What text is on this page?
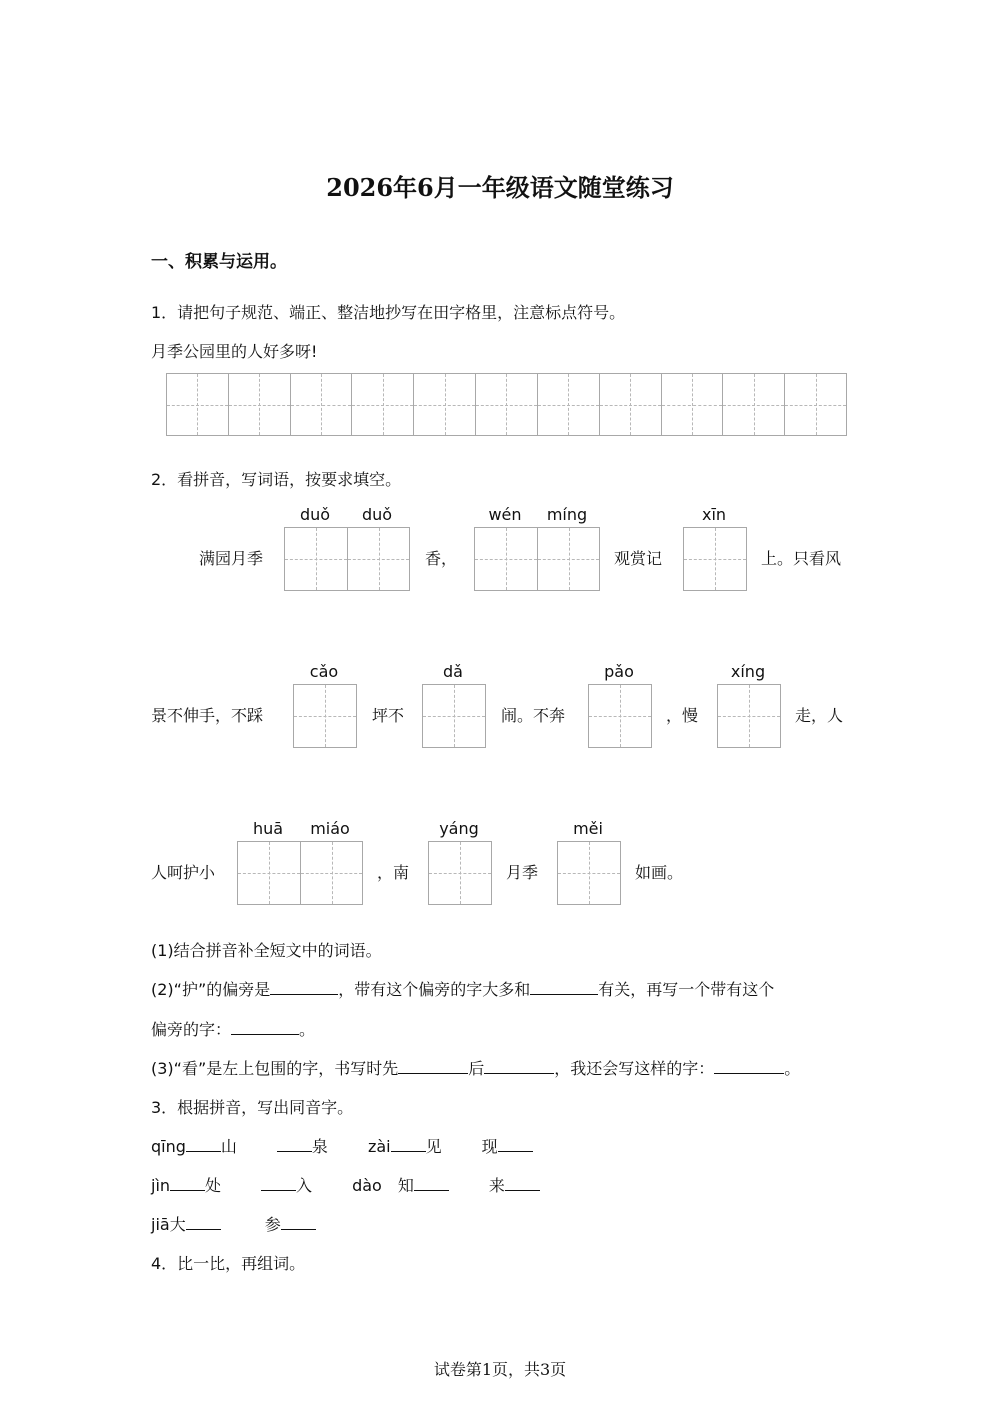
2026年6月一年级语文随堂练习
一、积累与运用。
1．请把句子规范、端正、整洁地抄写在田字格里，注意标点符号。
月季公园里的人好多呀!
2．看拼音，写词语，按要求填空。
duǒ	duǒ	wén	míng	xīn
满园月季	香，	观赏记	上。只看风
cǎo	dǎ	pǎo	xíng
景不伸手，不踩	坪不	闹。不奔	，慢	走，人
huā	miáo	yáng	měi
人呵护小	，南	月季	如画。
(1)结合拼音补全短文中的词语。
(2)“护”的偏旁是	，带有这个偏旁的字大多和	有关，再写一个带有这个
偏旁的字：	。
(3)“看”是左上包围的字，书写时先	后	，我还会写这样的字：	。
3．根据拼音，写出同音字。
qīng 山	泉	zài 见	现
jìn 处	入	dào 知	来
jiā大	参
4．比一比，再组词。
试卷第1页，共3页
